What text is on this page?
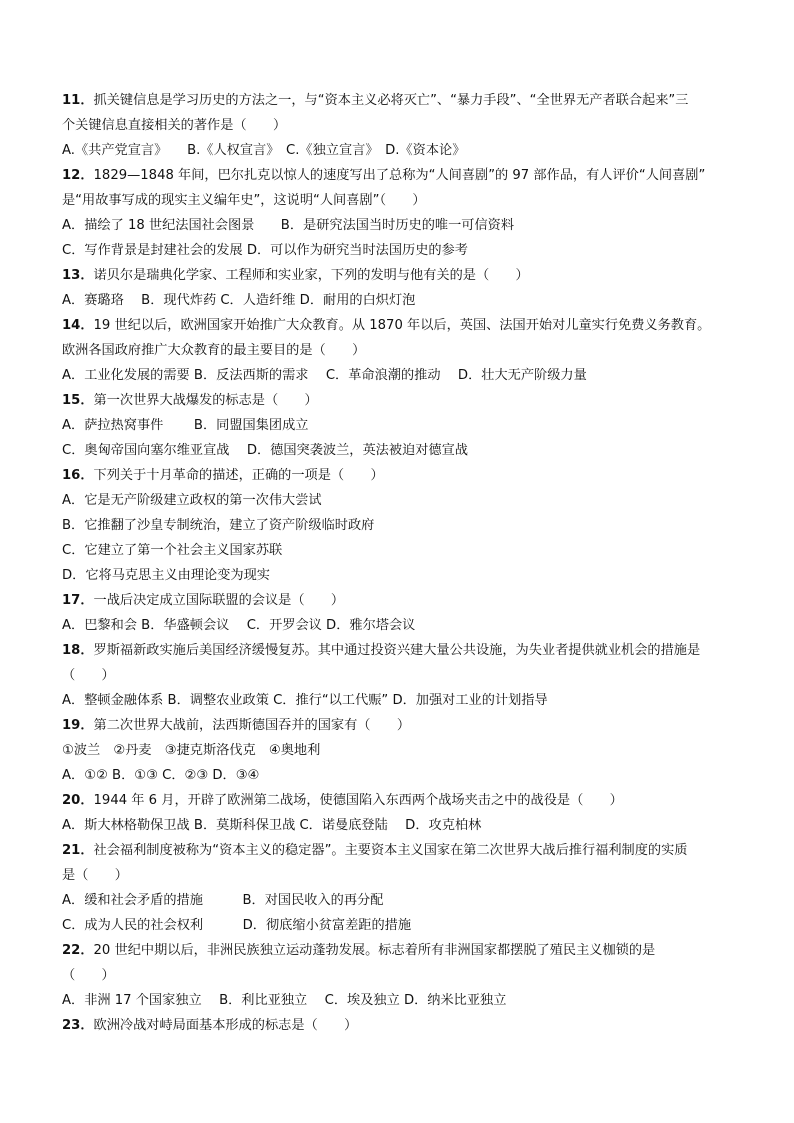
11．抓关键信息是学习历史的方法之一，与“资本主义必将灭亡”、“暴力手段”、“全世界无产者联合起来”三
个关键信息直接相关的著作是（　　）
A.《共产党宣言》　　B.《人权宣言》　C.《独立宣言》　D.《资本论》
12．1829—1848 年间，巴尔扎克以惊人的速度写出了总称为“人间喜剧”的 97 部作品，有人评价“人间喜剧”
是“用故事写成的现实主义编年史”，这说明“人间喜剧”（　　）
A．描绘了 18 世纪法国社会图景　　B．是研究法国当时历史的唯一可信资料
C．写作背景是封建社会的发展 D．可以作为研究当时法国历史的参考
13．诺贝尔是瑞典化学家、工程师和实业家，下列的发明与他有关的是（　　）
A．赛璐珞　 B．现代炸药 C．人造纤维 D．耐用的白炽灯泡
14．19 世纪以后，欧洲国家开始推广大众教育。从 1870 年以后，英国、法国开始对儿童实行免费义务教育。
欧洲各国政府推广大众教育的最主要目的是（　　）
A．工业化发展的需要 B．反法西斯的需求　 C．革命浪潮的推动　 D．壮大无产阶级力量
15．第一次世界大战爆发的标志是（　　）
A．萨拉热窝事件　　 B．同盟国集团成立
C．奥匈帝国向塞尔维亚宣战　 D．德国突袭波兰，英法被迫对德宣战
16．下列关于十月革命的描述，正确的一项是（　　）
A．它是无产阶级建立政权的第一次伟大尝试
B．它推翻了沙皇专制统治，建立了资产阶级临时政府
C．它建立了第一个社会主义国家苏联
D．它将马克思主义由理论变为现实
17．一战后决定成立国际联盟的会议是（　　）
A．巴黎和会 B．华盛顿会议　 C．开罗会议 D．雅尔塔会议
18．罗斯福新政实施后美国经济缓慢复苏。其中通过投资兴建大量公共设施，为失业者提供就业机会的措施是
（　　）
A．整顿金融体系 B．调整农业政策 C．推行“以工代赈” D．加强对工业的计划指导
19．第二次世界大战前，法西斯德国吞并的国家有（　　）
①波兰　②丹麦　③捷克斯洛伐克　④奥地利
A．①② B．①③ C．②③ D．③④
20．1944 年 6 月，开辟了欧洲第二战场，使德国陷入东西两个战场夹击之中的战役是（　　）
A．斯大林格勒保卫战 B．莫斯科保卫战 C．诺曼底登陆　 D．攻克柏林
21．社会福利制度被称为“资本主义的稳定器”。主要资本主义国家在第二次世界大战后推行福利制度的实质
是（　　）
A．缓和社会矛盾的措施　　　B．对国民收入的再分配
C．成为人民的社会权利　　　D．彻底缩小贫富差距的措施
22．20 世纪中期以后，非洲民族独立运动蓬勃发展。标志着所有非洲国家都摆脱了殖民主义枷锁的是
（　　）
A．非洲 17 个国家独立　 B．利比亚独立　 C．埃及独立 D．纳米比亚独立
23．欧洲冷战对峙局面基本形成的标志是（　　）
